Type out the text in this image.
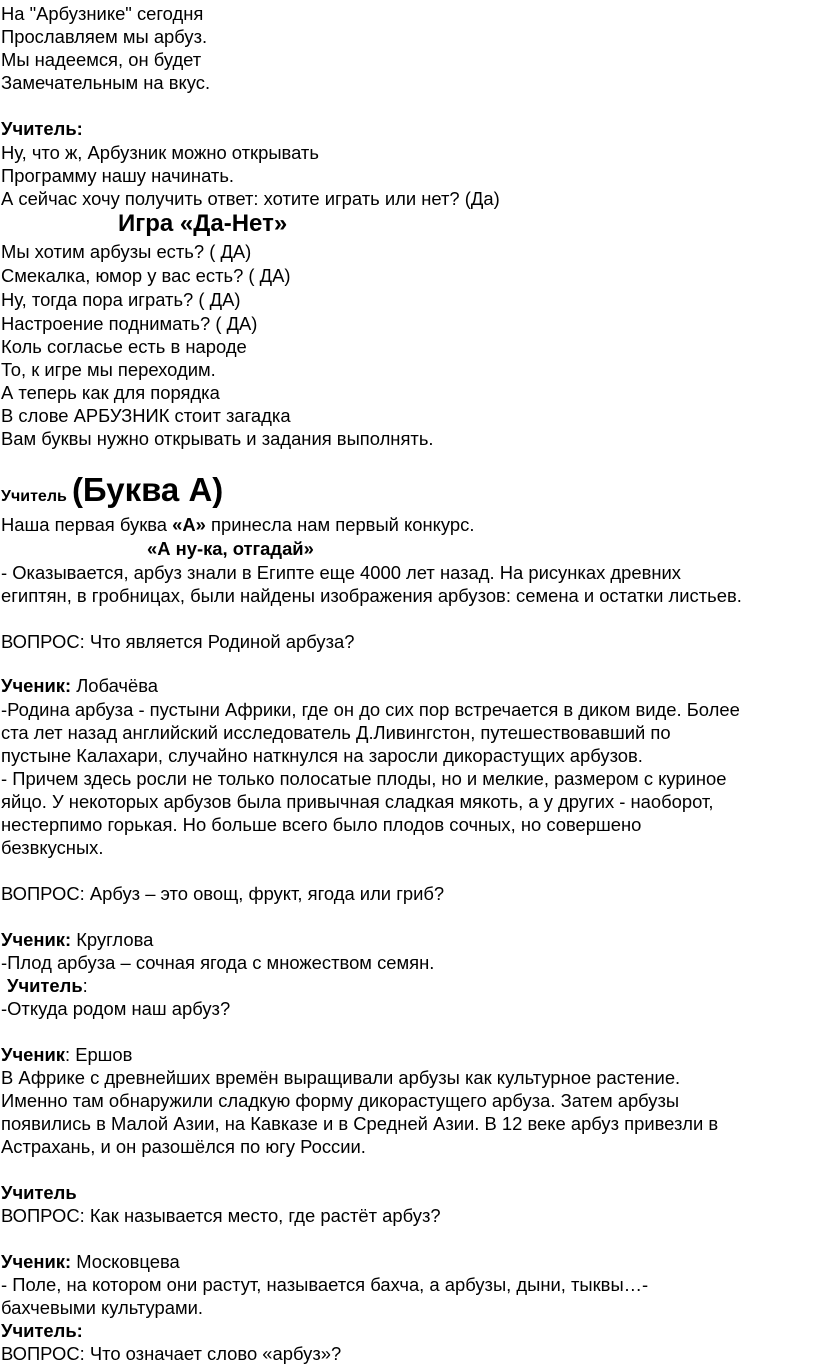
На "Арбузнике" сегодня
Прославляем мы арбуз.
Мы надеемся, он будет
Замечательным на вкус.
Учитель:
Ну, что ж, Арбузник можно открывать
Программу нашу начинать.
А сейчас хочу получить ответ: хотите играть или нет? (Да)
Игра «Да-Нет»
Мы хотим арбузы есть? ( ДА)
Смекалка, юмор у вас есть? ( ДА)
Ну, тогда пора играть? ( ДА)
Настроение поднимать? ( ДА)
Коль согласье есть в народе
То, к игре мы переходим.
А теперь как для порядка
В слове АРБУЗНИК стоит загадка
Вам буквы нужно открывать и задания выполнять.
Учитель (Буква А)
Наша первая буква «А» принесла нам первый конкурс.
«А ну-ка, отгадай»
- Оказывается, арбуз знали в Египте еще 4000 лет назад. На рисунках древних
египтян, в гробницах, были найдены изображения арбузов: семена и остатки листьев.
ВОПРОС: Что является Родиной арбуза?
Ученик: Лобачёва
-Родина арбуза - пустыни Африки, где он до сих пор встречается в диком виде. Более
ста лет назад английский исследователь Д.Ливингстон, путешествовавший по
пустыне Калахари, случайно наткнулся на заросли дикорастущих арбузов.
- Причем здесь росли не только полосатые плоды, но и мелкие, размером с куриное
яйцо. У некоторых арбузов была привычная сладкая мякоть, а у других - наоборот,
нестерпимо горькая. Но больше всего было плодов сочных, но совершено
безвкусных.
ВОПРОС: Арбуз – это овощ, фрукт, ягода или гриб?
Ученик: Круглова
-Плод арбуза – сочная ягода с множеством семян.
Учитель:
-Откуда родом наш арбуз?
Ученик: Ершов
В Африке с древнейших времён выращивали арбузы как культурное растение.
Именно там обнаружили сладкую форму дикорастущего арбуза. Затем арбузы
появились в Малой Азии, на Кавказе и в Средней Азии. В 12 веке арбуз привезли в
Астрахань, и он разошёлся по югу России.
Учитель
ВОПРОС: Как называется место, где растёт арбуз?
Ученик: Московцева
- Поле, на котором они растут, называется бахча, а арбузы, дыни, тыквы…-
бахчевыми культурами.
Учитель:
ВОПРОС: Что означает слово «арбуз»?
